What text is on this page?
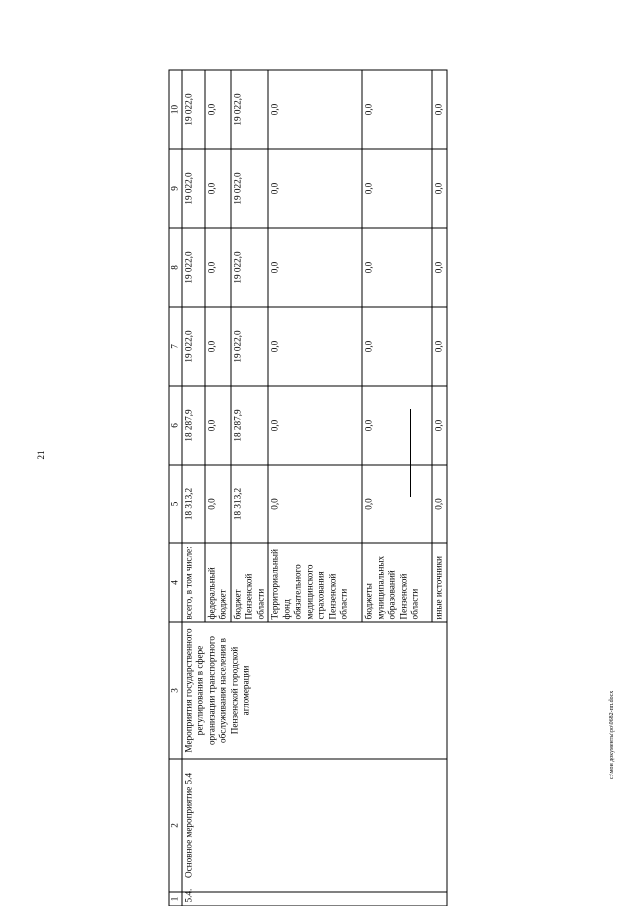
21
1	2	3	4	5	6	7	8	9	10
5.4.	Основное мероприятие 5.4	Мероприятия государственного регулирования в сфере организации транспортного обслуживания населения в Пензенской городской агломерации	всего, в том числе:	18 313,2	18 287,9	19 022,0	19 022,0	19 022,0	19 022,0
			федеральный бюджет	0,0	0,0	0,0	0,0	0,0	0,0
			бюджет Пензенской области	18 313,2	18 287,9	19 022,0	19 022,0	19 022,0	19 022,0
			Территориальный фонд обязательного медицинского страхования Пензенской области	0,0	0,0	0,0	0,0	0,0	0,0
			бюджеты муниципальных образований Пензенской области	0,0	0,0	0,0	0,0	0,0	0,0
			иные источники	0,0	0,0	0,0	0,0	0,0	0,0
c:\мои документы\ро\0682-пп.docx
